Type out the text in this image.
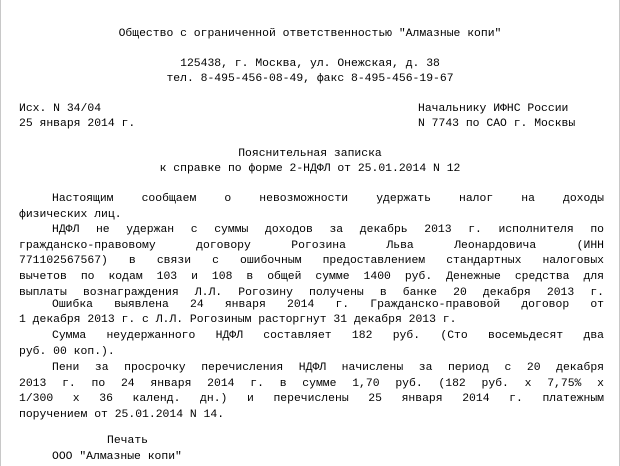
Общество с ограниченной ответственностью "Алмазные копи"
125438, г. Москва, ул. Онежская, д. 38
тел. 8-495-456-08-49, факс 8-495-456-19-67
Исх. N 34/04
25 января 2014 г.
Начальнику ИФНС России
N 7743 по САО г. Москвы
Пояснительная записка
к справке по форме 2-НДФЛ от 25.01.2014 N 12
Настоящим сообщаем о невозможности удержать налог на доходы
физических лиц.
НДФЛ не удержан с суммы доходов за декабрь 2013 г. исполнителя по
гражданско-правовому договору Рогозина Льва Леонардовича (ИНН
771102567567) в связи с ошибочным предоставлением стандартных налоговых
вычетов по кодам 103 и 108 в общей сумме 1400 руб. Денежные средства для
выплаты вознаграждения Л.Л. Рогозину получены в банке 20 декабря 2013 г.
Ошибка выявлена 24 января 2014 г. Гражданско-правовой договор от
1 декабря 2013 г. с Л.Л. Рогозиным расторгнут 31 декабря 2013 г.
Сумма неудержанного НДФЛ составляет 182 руб. (Сто восемьдесят два
руб. 00 коп.).
Пени за просрочку перечисления НДФЛ начислены за период с 20 декабря
2013 г. по 24 января 2014 г. в сумме 1,70 руб. (182 руб. x 7,75% x
1/300 x 36 календ. дн.) и перечислены 25 января 2014 г. платежным
поручением от 25.01.2014 N 14.
Печать
ООО "Алмазные копи"
